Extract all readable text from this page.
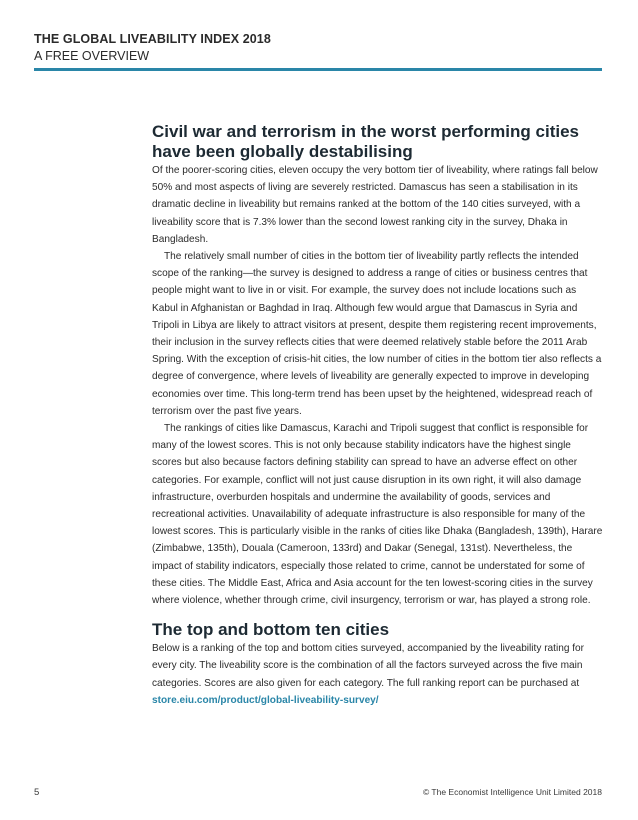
THE GLOBAL LIVEABILITY INDEX 2018
A FREE OVERVIEW
Civil war and terrorism in the worst performing cities have been globally destabilising

Of the poorer-scoring cities, eleven occupy the very bottom tier of liveability, where ratings fall below 50% and most aspects of living are severely restricted. Damascus has seen a stabilisation in its dramatic decline in liveability but remains ranked at the bottom of the 140 cities surveyed, with a liveability score that is 7.3% lower than the second lowest ranking city in the survey, Dhaka in Bangladesh.

The relatively small number of cities in the bottom tier of liveability partly reflects the intended scope of the ranking—the survey is designed to address a range of cities or business centres that people might want to live in or visit. For example, the survey does not include locations such as Kabul in Afghanistan or Baghdad in Iraq. Although few would argue that Damascus in Syria and Tripoli in Libya are likely to attract visitors at present, despite them registering recent improvements, their inclusion in the survey reflects cities that were deemed relatively stable before the 2011 Arab Spring. With the exception of crisis-hit cities, the low number of cities in the bottom tier also reflects a degree of convergence, where levels of liveability are generally expected to improve in developing economies over time. This long-term trend has been upset by the heightened, widespread reach of terrorism over the past five years.

The rankings of cities like Damascus, Karachi and Tripoli suggest that conflict is responsible for many of the lowest scores. This is not only because stability indicators have the highest single scores but also because factors defining stability can spread to have an adverse effect on other categories. For example, conflict will not just cause disruption in its own right, it will also damage infrastructure, overburden hospitals and undermine the availability of goods, services and recreational activities. Unavailability of adequate infrastructure is also responsible for many of the lowest scores. This is particularly visible in the ranks of cities like Dhaka (Bangladesh, 139th), Harare (Zimbabwe, 135th), Douala (Cameroon, 133rd) and Dakar (Senegal, 131st). Nevertheless, the impact of stability indicators, especially those related to crime, cannot be understated for some of these cities. The Middle East, Africa and Asia account for the ten lowest-scoring cities in the survey where violence, whether through crime, civil insurgency, terrorism or war, has played a strong role.

The top and bottom ten cities

Below is a ranking of the top and bottom cities surveyed, accompanied by the liveability rating for every city. The liveability score is the combination of all the factors surveyed across the five main categories. Scores are also given for each category. The full ranking report can be purchased at

store.eiu.com/product/global-liveability-survey/
5	© The Economist Intelligence Unit Limited 2018
